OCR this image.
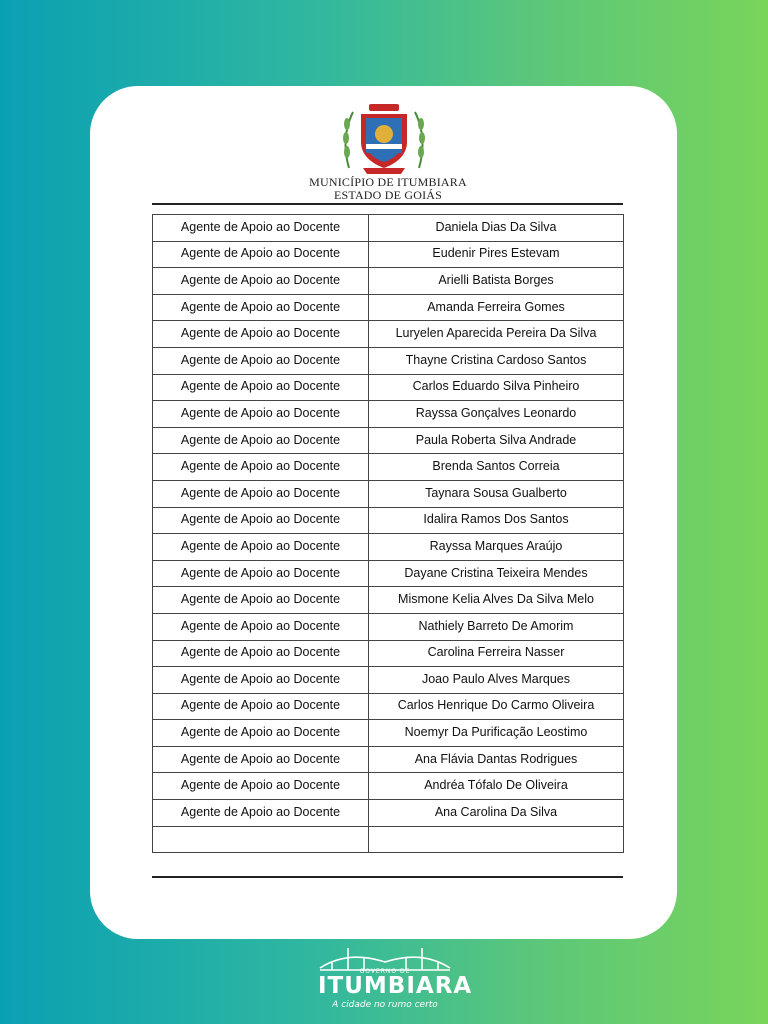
MUNICÍPIO DE ITUMBIARA
ESTADO DE GOIÁS
Agente de Apoio ao Docente	Daniela Dias Da Silva
Agente de Apoio ao Docente	Eudenir Pires Estevam
Agente de Apoio ao Docente	Arielli Batista Borges
Agente de Apoio ao Docente	Amanda Ferreira Gomes
Agente de Apoio ao Docente	Luryelen Aparecida Pereira Da Silva
Agente de Apoio ao Docente	Thayne Cristina Cardoso Santos
Agente de Apoio ao Docente	Carlos Eduardo Silva Pinheiro
Agente de Apoio ao Docente	Rayssa Gonçalves Leonardo
Agente de Apoio ao Docente	Paula Roberta Silva Andrade
Agente de Apoio ao Docente	Brenda Santos Correia
Agente de Apoio ao Docente	Taynara Sousa Gualberto
Agente de Apoio ao Docente	Idalira Ramos Dos Santos
Agente de Apoio ao Docente	Rayssa Marques Araújo
Agente de Apoio ao Docente	Dayane Cristina Teixeira Mendes
Agente de Apoio ao Docente	Mismone Kelia Alves Da Silva Melo
Agente de Apoio ao Docente	Nathiely Barreto De Amorim
Agente de Apoio ao Docente	Carolina Ferreira Nasser
Agente de Apoio ao Docente	Joao Paulo Alves Marques
Agente de Apoio ao Docente	Carlos Henrique Do Carmo Oliveira
Agente de Apoio ao Docente	Noemyr Da Purificação Leostimo
Agente de Apoio ao Docente	Ana Flávia Dantas Rodrigues
Agente de Apoio ao Docente	Andréa Tófalo De Oliveira
Agente de Apoio ao Docente	Ana Carolina Da Silva

GOVERNO DE
ITUMBIARA
A cidade no rumo certo
